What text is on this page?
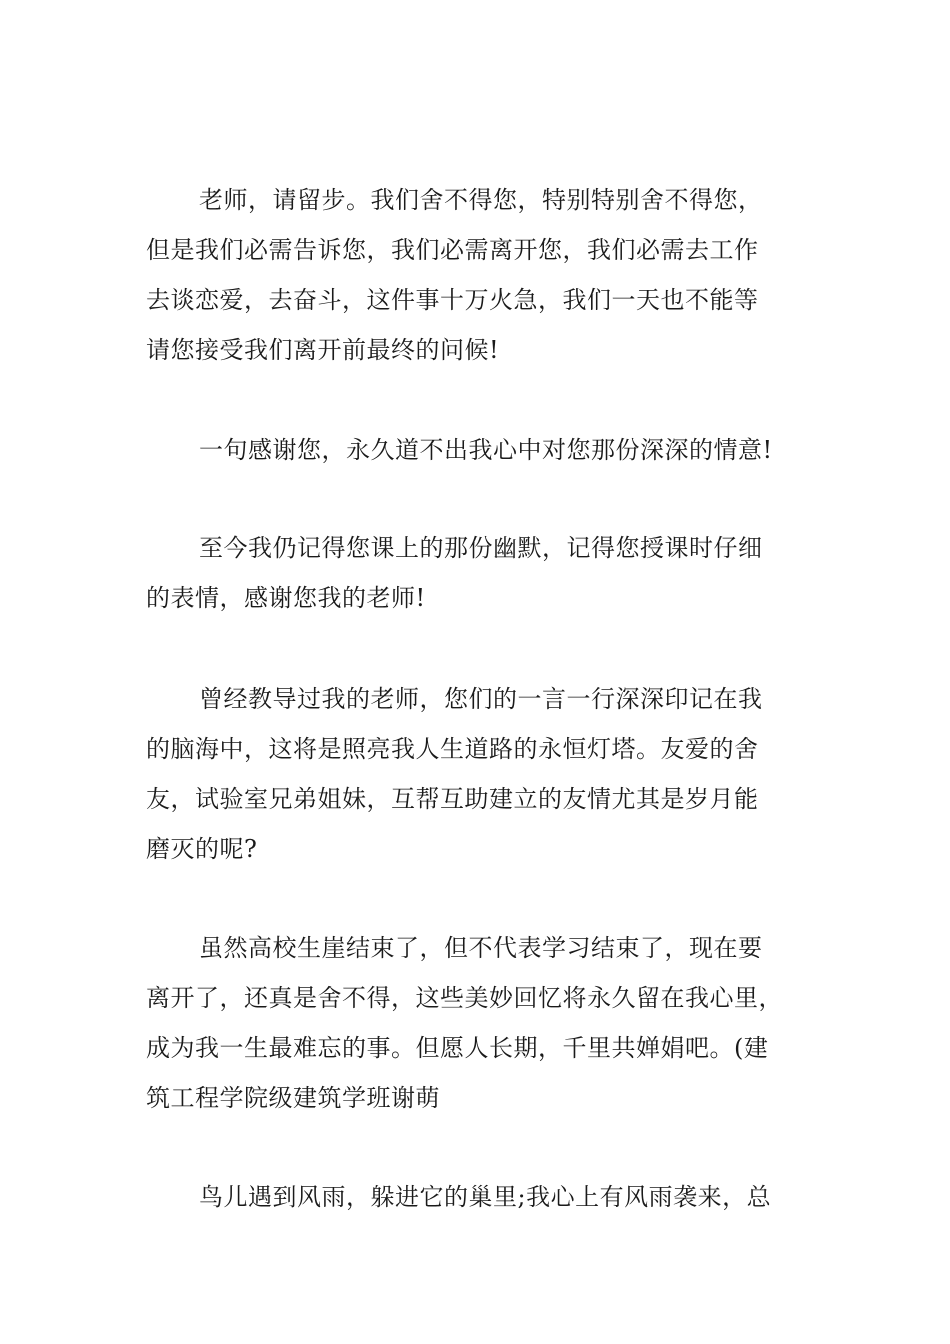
老师，请留步。我们舍不得您，特别特别舍不得您，
但是我们必需告诉您，我们必需离开您，我们必需去工作
去谈恋爱，去奋斗，这件事十万火急，我们一天也不能等
请您接受我们离开前最终的问候!
一句感谢您，永久道不出我心中对您那份深深的情意!
至今我仍记得您课上的那份幽默，记得您授课时仔细
的表情，感谢您我的老师!
曾经教导过我的老师，您们的一言一行深深印记在我
的脑海中，这将是照亮我人生道路的永恒灯塔。友爱的舍
友，试验室兄弟姐妹，互帮互助建立的友情尤其是岁月能
磨灭的呢?
虽然高校生崖结束了，但不代表学习结束了，现在要
离开了，还真是舍不得，这些美妙回忆将永久留在我心里，
成为我一生最难忘的事。但愿人长期，千里共婵娟吧。(建
筑工程学院级建筑学班谢萌
鸟儿遇到风雨，躲进它的巢里;我心上有风雨袭来，总
